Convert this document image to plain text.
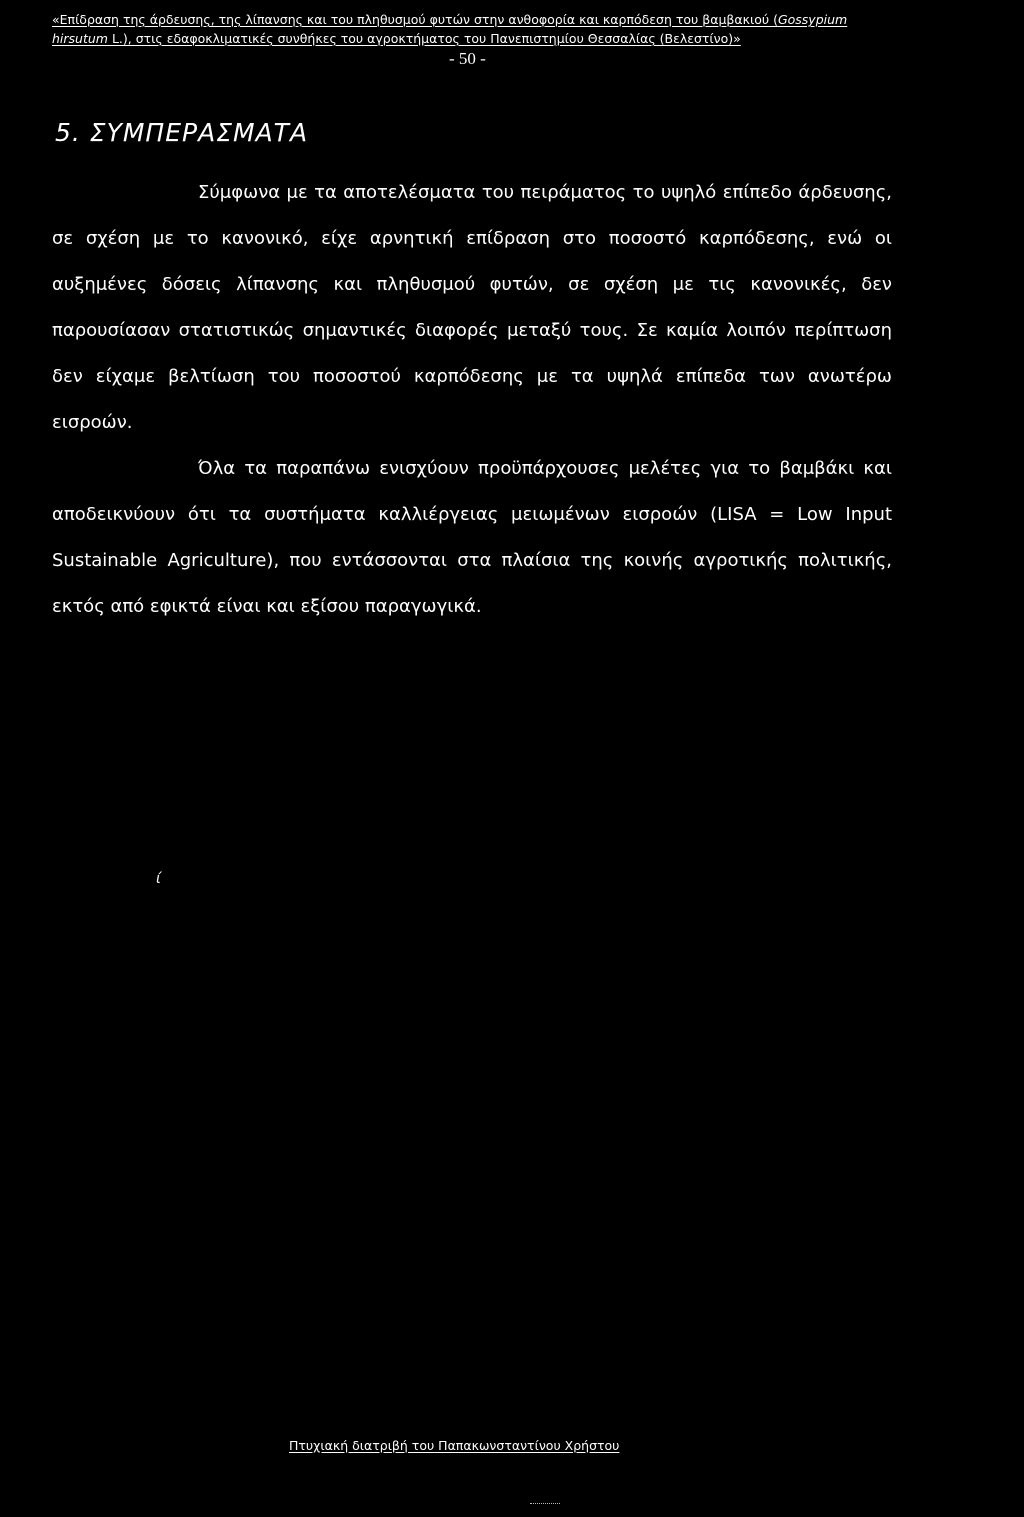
«Επίδραση της άρδευσης, της λίπανσης και του πληθυσμού φυτών στην ανθοφορία και καρπόδεση του βαμβακιού (Gossypium
hirsutum L.), στις εδαφοκλιματικές συνθήκες του αγροκτήματος του Πανεπιστημίου Θεσσαλίας (Βελεστίνο)»
- 50 -
5. ΣΥΜΠΕΡΑΣΜΑΤΑ

Σύμφωνα με τα αποτελέσματα του πειράματος το υψηλό επίπεδο άρδευσης, σε σχέση με το κανονικό, είχε αρνητική επίδραση στο ποσοστό καρπόδεσης, ενώ οι αυξημένες δόσεις λίπανσης και πληθυσμού φυτών, σε σχέση με τις κανονικές, δεν παρουσίασαν στατιστικώς σημαντικές διαφορές μεταξύ τους. Σε καμία λοιπόν περίπτωση δεν είχαμε βελτίωση του ποσοστού καρπόδεσης με τα υψηλά επίπεδα των ανωτέρω εισροών.

Όλα τα παραπάνω ενισχύουν προϋπάρχουσες μελέτες για το βαμβάκι και αποδεικνύουν ότι τα συστήματα καλλιέργειας μειωμένων εισροών (LISA = Low Input Sustainable Agriculture), που εντάσσονται στα πλαίσια της κοινής αγροτικής πολιτικής, εκτός από εφικτά είναι και εξίσου παραγωγικά.

ί
Πτυχιακή διατριβή του Παπακωνσταντίνου Χρήστου
